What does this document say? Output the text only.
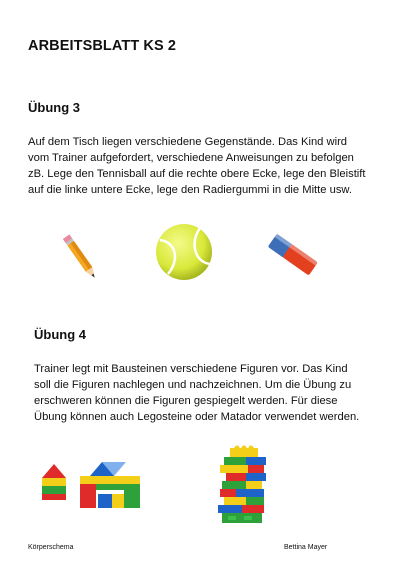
ARBEITSBLATT KS 2
Übung 3
Auf dem Tisch liegen verschiedene Gegenstände. Das Kind wird vom Trainer aufgefordert, verschiedene Anweisungen zu befolgen zB. Lege den Tennisball auf die rechte obere Ecke, lege den Bleistift auf die linke untere Ecke, lege den Radiergummi in die Mitte usw.
Übung 4
Trainer legt mit Bausteinen verschiedene Figuren vor. Das Kind soll die Figuren nachlegen und nachzeichnen. Um die Übung zu erschweren können die Figuren gespiegelt werden. Für diese Übung können auch Legosteine oder Matador verwendet werden.
Körperschema	Bettina Mayer
